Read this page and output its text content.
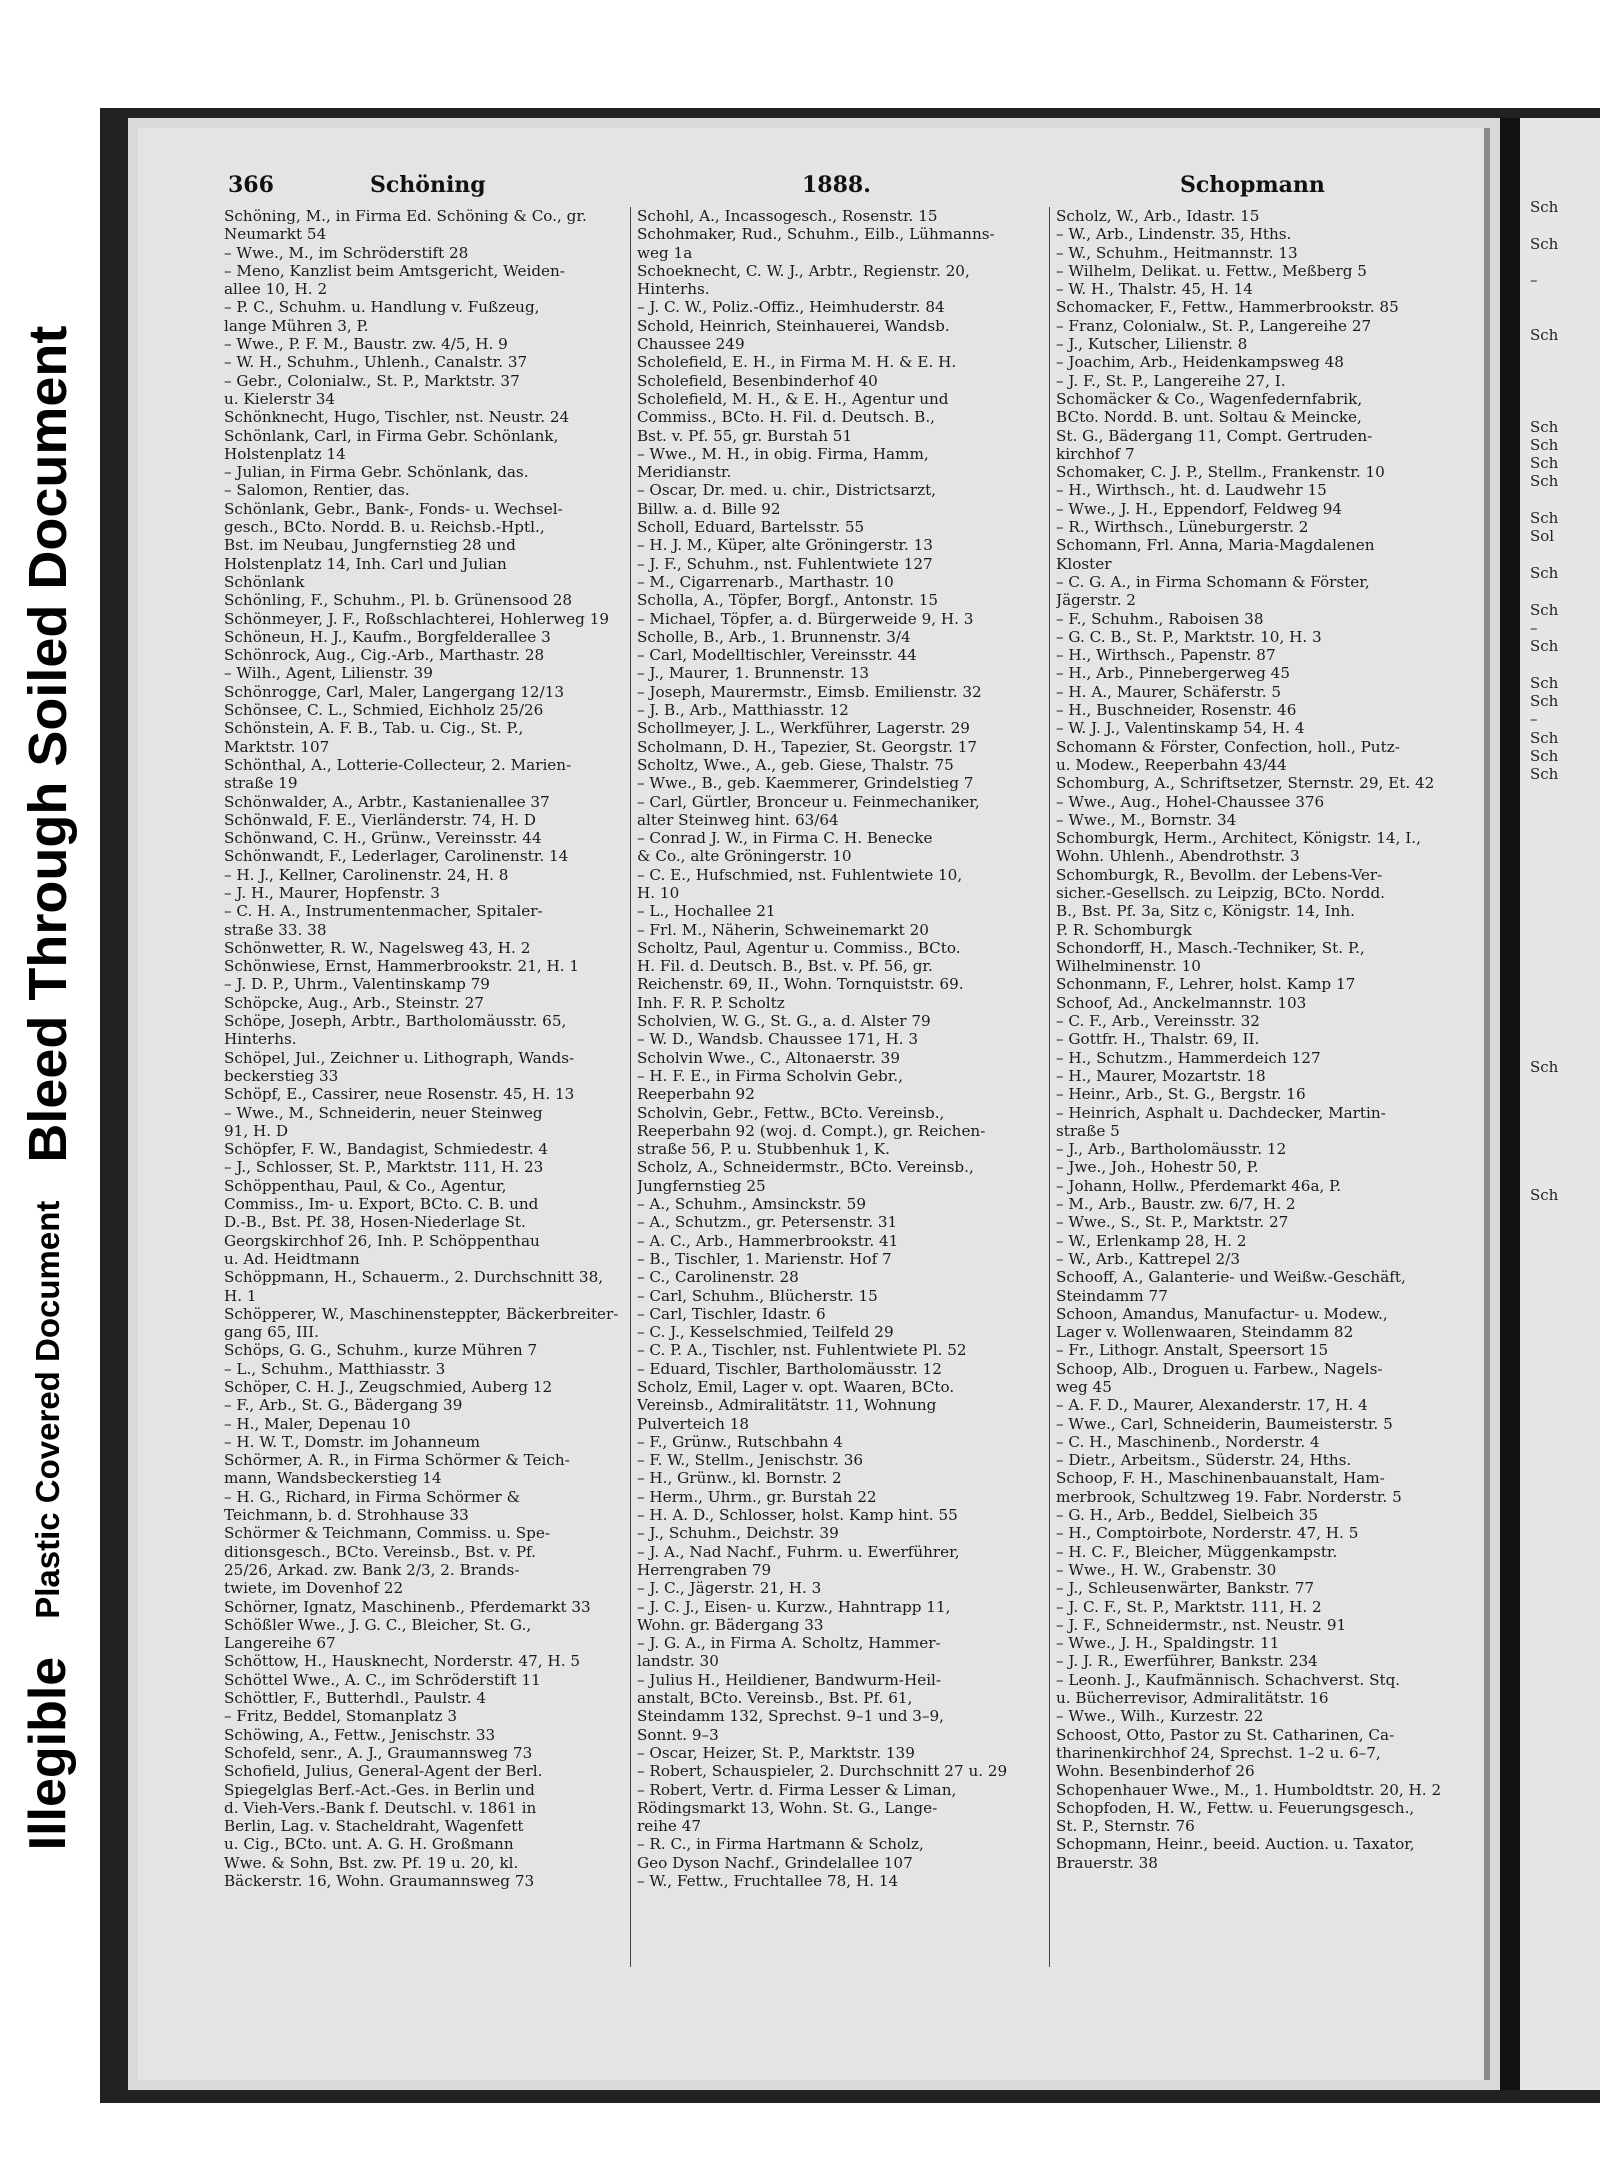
IllegiblePlastic Covered DocumentBleed Through Soiled Document
Sch

Sch

–

Sch

Sch
Sch
Sch
Sch

Sch
Sol

Sch

Sch
–
Sch

Sch
Sch
–
Sch
Sch
Sch

Sch

Sch
366	Schöning	1888.	Schopmann
Schöning, M., in Firma Ed. Schöning & Co., gr.
Neumarkt 54
– Wwe., M., im Schröderstift 28
– Meno, Kanzlist beim Amtsgericht, Weiden-
allee 10, H. 2
– P. C., Schuhm. u. Handlung v. Fußzeug,
lange Mühren 3, P.
– Wwe., P. F. M., Baustr. zw. 4/5, H. 9
– W. H., Schuhm., Uhlenh., Canalstr. 37
– Gebr., Colonialw., St. P., Marktstr. 37
u. Kielerstr 34
Schönknecht, Hugo, Tischler, nst. Neustr. 24
Schönlank, Carl, in Firma Gebr. Schönlank,
Holstenplatz 14
– Julian, in Firma Gebr. Schönlank, das.
– Salomon, Rentier, das.
Schönlank, Gebr., Bank-, Fonds- u. Wechsel-
gesch., BCto. Nordd. B. u. Reichsb.-Hptl.,
Bst. im Neubau, Jungfernstieg 28 und
Holstenplatz 14, Inh. Carl und Julian
Schönlank
Schönling, F., Schuhm., Pl. b. Grünensood 28
Schönmeyer, J. F., Roßschlachterei, Hohlerweg 19
Schöneun, H. J., Kaufm., Borgfelderallee 3
Schönrock, Aug., Cig.-Arb., Marthastr. 28
– Wilh., Agent, Lilienstr. 39
Schönrogge, Carl, Maler, Langergang 12/13
Schönsee, C. L., Schmied, Eichholz 25/26
Schönstein, A. F. B., Tab. u. Cig., St. P.,
Marktstr. 107
Schönthal, A., Lotterie-Collecteur, 2. Marien-
straße 19
Schönwalder, A., Arbtr., Kastanienallee 37
Schönwald, F. E., Vierländerstr. 74, H. D
Schönwand, C. H., Grünw., Vereinsstr. 44
Schönwandt, F., Lederlager, Carolinenstr. 14
– H. J., Kellner, Carolinenstr. 24, H. 8
– J. H., Maurer, Hopfenstr. 3
– C. H. A., Instrumentenmacher, Spitaler-
straße 33. 38
Schönwetter, R. W., Nagelsweg 43, H. 2
Schönwiese, Ernst, Hammerbrookstr. 21, H. 1
– J. D. P., Uhrm., Valentinskamp 79
Schöpcke, Aug., Arb., Steinstr. 27
Schöpe, Joseph, Arbtr., Bartholomäusstr. 65,
Hinterhs.
Schöpel, Jul., Zeichner u. Lithograph, Wands-
beckerstieg 33
Schöpf, E., Cassirer, neue Rosenstr. 45, H. 13
– Wwe., M., Schneiderin, neuer Steinweg
91, H. D
Schöpfer, F. W., Bandagist, Schmiedestr. 4
– J., Schlosser, St. P., Marktstr. 111, H. 23
Schöppenthau, Paul, & Co., Agentur,
Commiss., Im- u. Export, BCto. C. B. und
D.-B., Bst. Pf. 38, Hosen-Niederlage St.
Georgskirchhof 26, Inh. P. Schöppenthau
u. Ad. Heidtmann
Schöppmann, H., Schauerm., 2. Durchschnitt 38,
H. 1
Schöpperer, W., Maschinensteppter, Bäckerbreiter-
gang 65, III.
Schöps, G. G., Schuhm., kurze Mühren 7
– L., Schuhm., Matthiasstr. 3
Schöper, C. H. J., Zeugschmied, Auberg 12
– F., Arb., St. G., Bädergang 39
– H., Maler, Depenau 10
– H. W. T., Domstr. im Johanneum
Schörmer, A. R., in Firma Schörmer & Teich-
mann, Wandsbeckerstieg 14
– H. G., Richard, in Firma Schörmer &
Teichmann, b. d. Strohhause 33
Schörmer & Teichmann, Commiss. u. Spe-
ditionsgesch., BCto. Vereinsb., Bst. v. Pf.
25/26, Arkad. zw. Bank 2/3, 2. Brands-
twiete, im Dovenhof 22
Schörner, Ignatz, Maschinenb., Pferdemarkt 33
Schößler Wwe., J. G. C., Bleicher, St. G.,
Langereihe 67
Schöttow, H., Hausknecht, Norderstr. 47, H. 5
Schöttel Wwe., A. C., im Schröderstift 11
Schöttler, F., Butterhdl., Paulstr. 4
– Fritz, Beddel, Stomanplatz 3
Schöwing, A., Fettw., Jenischstr. 33
Schofeld, senr., A. J., Graumannsweg 73
Schofield, Julius, General-Agent der Berl.
Spiegelglas Berf.-Act.-Ges. in Berlin und
d. Vieh-Vers.-Bank f. Deutschl. v. 1861 in
Berlin, Lag. v. Stacheldraht, Wagenfett
u. Cig., BCto. unt. A. G. H. Großmann
Wwe. & Sohn, Bst. zw. Pf. 19 u. 20, kl.
Bäckerstr. 16, Wohn. Graumannsweg 73
Schohl, A., Incassogesch., Rosenstr. 15
Schohmaker, Rud., Schuhm., Eilb., Lühmanns-
weg 1a
Schoeknecht, C. W. J., Arbtr., Regienstr. 20,
Hinterhs.
– J. C. W., Poliz.-Offiz., Heimhuderstr. 84
Schold, Heinrich, Steinhauerei, Wandsb.
Chaussee 249
Scholefield, E. H., in Firma M. H. & E. H.
Scholefield, Besenbinderhof 40
Scholefield, M. H., & E. H., Agentur und
Commiss., BCto. H. Fil. d. Deutsch. B.,
Bst. v. Pf. 55, gr. Burstah 51
– Wwe., M. H., in obig. Firma, Hamm,
Meridianstr.
– Oscar, Dr. med. u. chir., Districtsarzt,
Billw. a. d. Bille 92
Scholl, Eduard, Bartelsstr. 55
– H. J. M., Küper, alte Gröningerstr. 13
– J. F., Schuhm., nst. Fuhlentwiete 127
– M., Cigarrenarb., Marthastr. 10
Scholla, A., Töpfer, Borgf., Antonstr. 15
– Michael, Töpfer, a. d. Bürgerweide 9, H. 3
Scholle, B., Arb., 1. Brunnenstr. 3/4
– Carl, Modelltischler, Vereinsstr. 44
– J., Maurer, 1. Brunnenstr. 13
– Joseph, Maurermstr., Eimsb. Emilienstr. 32
– J. B., Arb., Matthiasstr. 12
Schollmeyer, J. L., Werkführer, Lagerstr. 29
Scholmann, D. H., Tapezier, St. Georgstr. 17
Scholtz, Wwe., A., geb. Giese, Thalstr. 75
– Wwe., B., geb. Kaemmerer, Grindelstieg 7
– Carl, Gürtler, Bronceur u. Feinmechaniker,
alter Steinweg hint. 63/64
– Conrad J. W., in Firma C. H. Benecke
& Co., alte Gröningerstr. 10
– C. E., Hufschmied, nst. Fuhlentwiete 10,
H. 10
– L., Hochallee 21
– Frl. M., Näherin, Schweinemarkt 20
Scholtz, Paul, Agentur u. Commiss., BCto.
H. Fil. d. Deutsch. B., Bst. v. Pf. 56, gr.
Reichenstr. 69, II., Wohn. Tornquiststr. 69.
Inh. F. R. P. Scholtz
Scholvien, W. G., St. G., a. d. Alster 79
– W. D., Wandsb. Chaussee 171, H. 3
Scholvin Wwe., C., Altonaerstr. 39
– H. F. E., in Firma Scholvin Gebr.,
Reeperbahn 92
Scholvin, Gebr., Fettw., BCto. Vereinsb.,
Reeperbahn 92 (woj. d. Compt.), gr. Reichen-
straße 56, P. u. Stubbenhuk 1, K.
Scholz, A., Schneidermstr., BCto. Vereinsb.,
Jungfernstieg 25
– A., Schuhm., Amsinckstr. 59
– A., Schutzm., gr. Petersenstr. 31
– A. C., Arb., Hammerbrookstr. 41
– B., Tischler, 1. Marienstr. Hof 7
– C., Carolinenstr. 28
– Carl, Schuhm., Blücherstr. 15
– Carl, Tischler, Idastr. 6
– C. J., Kesselschmied, Teilfeld 29
– C. P. A., Tischler, nst. Fuhlentwiete Pl. 52
– Eduard, Tischler, Bartholomäusstr. 12
Scholz, Emil, Lager v. opt. Waaren, BCto.
Vereinsb., Admiralitätstr. 11, Wohnung
Pulverteich 18
– F., Grünw., Rutschbahn 4
– F. W., Stellm., Jenischstr. 36
– H., Grünw., kl. Bornstr. 2
– Herm., Uhrm., gr. Burstah 22
– H. A. D., Schlosser, holst. Kamp hint. 55
– J., Schuhm., Deichstr. 39
– J. A., Nad Nachf., Fuhrm. u. Ewerführer,
Herrengraben 79
– J. C., Jägerstr. 21, H. 3
– J. C. J., Eisen- u. Kurzw., Hahntrapp 11,
Wohn. gr. Bädergang 33
– J. G. A., in Firma A. Scholtz, Hammer-
landstr. 30
– Julius H., Heildiener, Bandwurm-Heil-
anstalt, BCto. Vereinsb., Bst. Pf. 61,
Steindamm 132, Sprechst. 9–1 und 3–9,
Sonnt. 9–3
– Oscar, Heizer, St. P., Marktstr. 139
– Robert, Schauspieler, 2. Durchschnitt 27 u. 29
– Robert, Vertr. d. Firma Lesser & Liman,
Rödingsmarkt 13, Wohn. St. G., Lange-
reihe 47
– R. C., in Firma Hartmann & Scholz,
Geo Dyson Nachf., Grindelallee 107
– W., Fettw., Fruchtallee 78, H. 14
Scholz, W., Arb., Idastr. 15
– W., Arb., Lindenstr. 35, Hths.
– W., Schuhm., Heitmannstr. 13
– Wilhelm, Delikat. u. Fettw., Meßberg 5
– W. H., Thalstr. 45, H. 14
Schomacker, F., Fettw., Hammerbrookstr. 85
– Franz, Colonialw., St. P., Langereihe 27
– J., Kutscher, Lilienstr. 8
– Joachim, Arb., Heidenkampsweg 48
– J. F., St. P., Langereihe 27, I.
Schomäcker & Co., Wagenfedernfabrik,
BCto. Nordd. B. unt. Soltau & Meincke,
St. G., Bädergang 11, Compt. Gertruden-
kirchhof 7
Schomaker, C. J. P., Stellm., Frankenstr. 10
– H., Wirthsch., ht. d. Laudwehr 15
– Wwe., J. H., Eppendorf, Feldweg 94
– R., Wirthsch., Lüneburgerstr. 2
Schomann, Frl. Anna, Maria-Magdalenen
Kloster
– C. G. A., in Firma Schomann & Förster,
Jägerstr. 2
– F., Schuhm., Raboisen 38
– G. C. B., St. P., Marktstr. 10, H. 3
– H., Wirthsch., Papenstr. 87
– H., Arb., Pinnebergerweg 45
– H. A., Maurer, Schäferstr. 5
– H., Buschneider, Rosenstr. 46
– W. J. J., Valentinskamp 54, H. 4
Schomann & Förster, Confection, holl., Putz-
u. Modew., Reeperbahn 43/44
Schomburg, A., Schriftsetzer, Sternstr. 29, Et. 42
– Wwe., Aug., Hohel-Chaussee 376
– Wwe., M., Bornstr. 34
Schomburgk, Herm., Architect, Königstr. 14, I.,
Wohn. Uhlenh., Abendrothstr. 3
Schomburgk, R., Bevollm. der Lebens-Ver-
sicher.-Gesellsch. zu Leipzig, BCto. Nordd.
B., Bst. Pf. 3a, Sitz c, Königstr. 14, Inh.
P. R. Schomburgk
Schondorff, H., Masch.-Techniker, St. P.,
Wilhelminenstr. 10
Schonmann, F., Lehrer, holst. Kamp 17
Schoof, Ad., Anckelmannstr. 103
– C. F., Arb., Vereinsstr. 32
– Gottfr. H., Thalstr. 69, II.
– H., Schutzm., Hammerdeich 127
– H., Maurer, Mozartstr. 18
– Heinr., Arb., St. G., Bergstr. 16
– Heinrich, Asphalt u. Dachdecker, Martin-
straße 5
– J., Arb., Bartholomäusstr. 12
– Jwe., Joh., Hohestr 50, P.
– Johann, Hollw., Pferdemarkt 46a, P.
– M., Arb., Baustr. zw. 6/7, H. 2
– Wwe., S., St. P., Marktstr. 27
– W., Erlenkamp 28, H. 2
– W., Arb., Kattrepel 2/3
Schooff, A., Galanterie- und Weißw.-Geschäft,
Steindamm 77
Schoon, Amandus, Manufactur- u. Modew.,
Lager v. Wollenwaaren, Steindamm 82
– Fr., Lithogr. Anstalt, Speersort 15
Schoop, Alb., Droguen u. Farbew., Nagels-
weg 45
– A. F. D., Maurer, Alexanderstr. 17, H. 4
– Wwe., Carl, Schneiderin, Baumeisterstr. 5
– C. H., Maschinenb., Norderstr. 4
– Dietr., Arbeitsm., Süderstr. 24, Hths.
Schoop, F. H., Maschinenbauanstalt, Ham-
merbrook, Schultzweg 19. Fabr. Norderstr. 5
– G. H., Arb., Beddel, Sielbeich 35
– H., Comptoirbote, Norderstr. 47, H. 5
– H. C. F., Bleicher, Müggenkampstr.
– Wwe., H. W., Grabenstr. 30
– J., Schleusenwärter, Bankstr. 77
– J. C. F., St. P., Marktstr. 111, H. 2
– J. F., Schneidermstr., nst. Neustr. 91
– Wwe., J. H., Spaldingstr. 11
– J. J. R., Ewerführer, Bankstr. 234
– Leonh. J., Kaufmännisch. Schachverst. Stq.
u. Bücherrevisor, Admiralitätstr. 16
– Wwe., Wilh., Kurzestr. 22
Schoost, Otto, Pastor zu St. Catharinen, Ca-
tharinenkirchhof 24, Sprechst. 1–2 u. 6–7,
Wohn. Besenbinderhof 26
Schopenhauer Wwe., M., 1. Humboldtstr. 20, H. 2
Schopfoden, H. W., Fettw. u. Feuerungsgesch.,
St. P., Sternstr. 76
Schopmann, Heinr., beeid. Auction. u. Taxator,
Brauerstr. 38
